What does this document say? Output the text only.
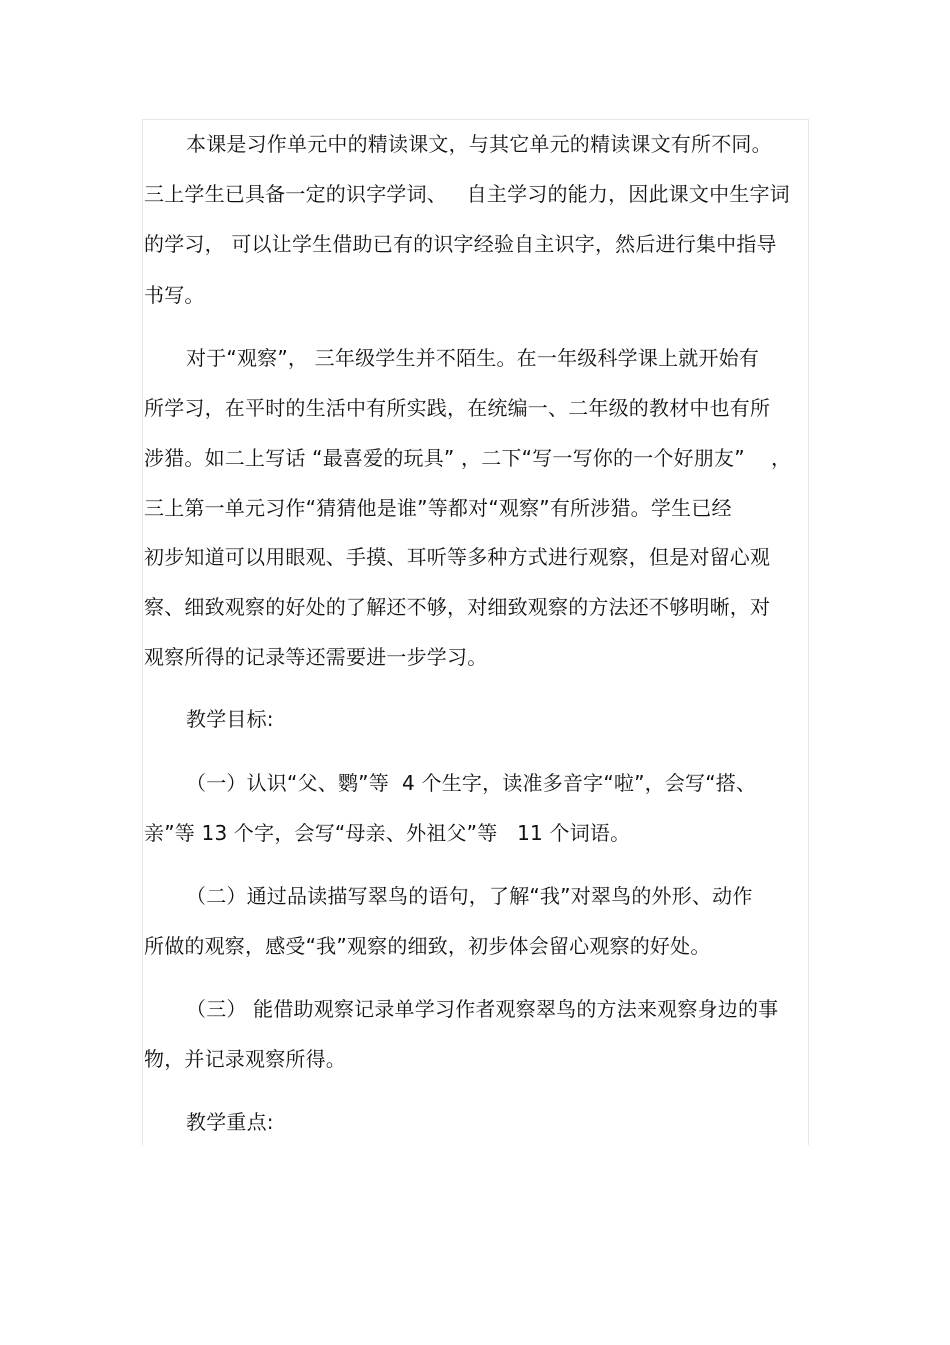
本课是习作单元中的精读课文，与其它单元的精读课文有所不同。
三上学生已具备一定的识字学词、   自主学习的能力，因此课文中生字词
的学习， 可以让学生借助已有的识字经验自主识字，然后进行集中指导
书写。
对于“观察”， 三年级学生并不陌生。在一年级科学课上就开始有
所学习，在平时的生活中有所实践，在统编一、二年级的教材中也有所
涉猎。如二上写话 “最喜爱的玩具” ，二下“写一写你的一个好朋友”    ，
三上第一单元习作“猜猜他是谁”等都对“观察”有所涉猎。学生已经
初步知道可以用眼观、手摸、耳听等多种方式进行观察，但是对留心观
察、细致观察的好处的了解还不够，对细致观察的方法还不够明晰，对
观察所得的记录等还需要进一步学习。
教学目标:
（一）认识“父、鹦”等  4 个生字，读准多音字“啦”，会写“搭、
亲”等 13 个字，会写“母亲、外祖父”等   11 个词语。
（二）通过品读描写翠鸟的语句，了解“我”对翠鸟的外形、动作
所做的观察，感受“我”观察的细致，初步体会留心观察的好处。
（三） 能借助观察记录单学习作者观察翠鸟的方法来观察身边的事
物，并记录观察所得。
教学重点:
